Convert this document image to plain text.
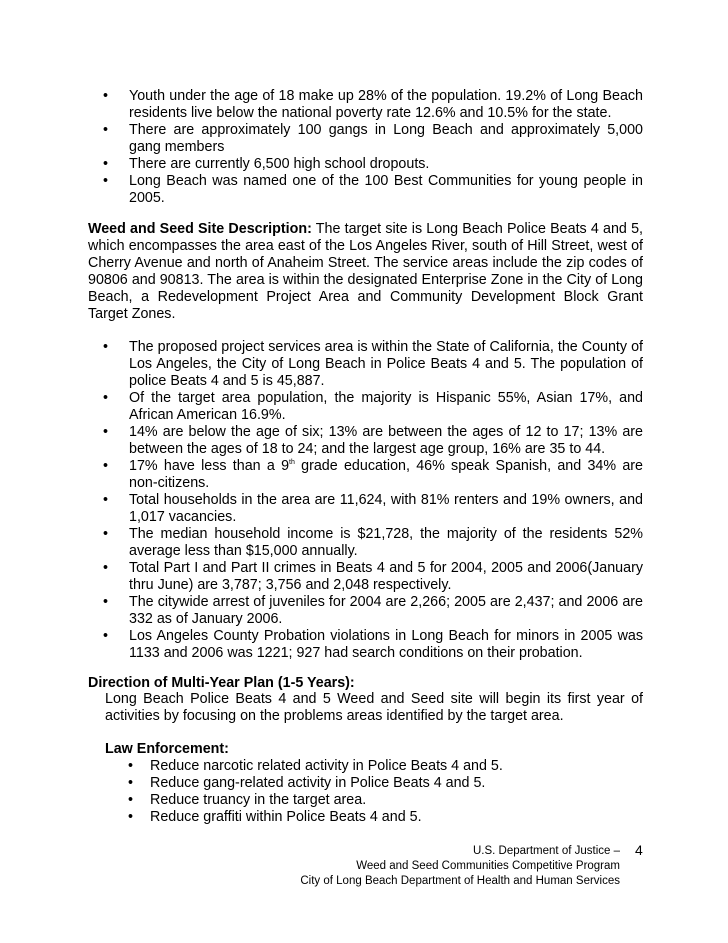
• Youth under the age of 18 make up 28% of the population. 19.2% of Long Beach residents live below the national poverty rate 12.6% and 10.5% for the state.
• There are approximately 100 gangs in Long Beach and approximately 5,000 gang members
• There are currently 6,500 high school dropouts.
• Long Beach was named one of the 100 Best Communities for young people in 2005.
Weed and Seed Site Description: The target site is Long Beach Police Beats 4 and 5, which encompasses the area east of the Los Angeles River, south of Hill Street, west of Cherry Avenue and north of Anaheim Street. The service areas include the zip codes of 90806 and 90813. The area is within the designated Enterprise Zone in the City of Long Beach, a Redevelopment Project Area and Community Development Block Grant Target Zones.
• The proposed project services area is within the State of California, the County of Los Angeles, the City of Long Beach in Police Beats 4 and 5. The population of police Beats 4 and 5 is 45,887.
• Of the target area population, the majority is Hispanic 55%, Asian 17%, and African American 16.9%.
• 14% are below the age of six; 13% are between the ages of 12 to 17; 13% are between the ages of 18 to 24; and the largest age group, 16% are 35 to 44.
• 17% have less than a 9th grade education, 46% speak Spanish, and 34% are non-citizens.
• Total households in the area are 11,624, with 81% renters and 19% owners, and 1,017 vacancies.
• The median household income is $21,728, the majority of the residents 52% average less than $15,000 annually.
• Total Part I and Part II crimes in Beats 4 and 5 for 2004, 2005 and 2006(January thru June) are 3,787; 3,756 and 2,048 respectively.
• The citywide arrest of juveniles for 2004 are 2,266; 2005 are 2,437; and 2006 are 332 as of January 2006.
• Los Angeles County Probation violations in Long Beach for minors in 2005 was 1133 and 2006 was 1221; 927 had search conditions on their probation.
Direction of Multi-Year Plan (1-5 Years):
Long Beach Police Beats 4 and 5 Weed and Seed site will begin its first year of activities by focusing on the problems areas identified by the target area.
Law Enforcement:
• Reduce narcotic related activity in Police Beats 4 and 5.
• Reduce gang-related activity in Police Beats 4 and 5.
• Reduce truancy in the target area.
• Reduce graffiti within Police Beats 4 and 5.
U.S. Department of Justice – 4
Weed and Seed Communities Competitive Program
City of Long Beach Department of Health and Human Services
